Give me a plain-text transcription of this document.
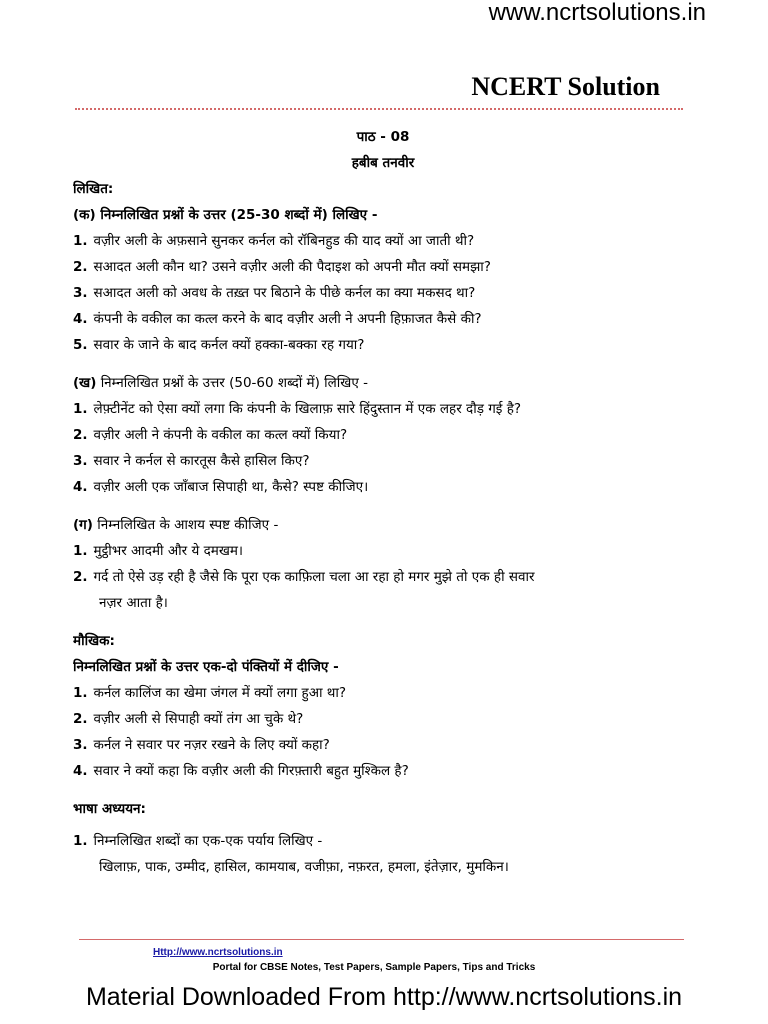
www.ncrtsolutions.in
NCERT Solution
पाठ - 08
हबीब तनवीर
लिखित:
(क) निम्नलिखित प्रश्नों के उत्तर (25-30 शब्दों में) लिखिए -
1. वज़ीर अली के अफ़साने सुनकर कर्नल को रॉबिनहुड की याद क्यों आ जाती थी?
2. सआदत अली कौन था? उसने वज़ीर अली की पैदाइश को अपनी मौत क्यों समझा?
3. सआदत अली को अवध के तख़्त पर बिठाने के पीछे कर्नल का क्या मकसद था?
4. कंपनी के वकील का कत्ल करने के बाद वज़ीर अली ने अपनी हिफ़ाजत कैसे की?
5. सवार के जाने के बाद कर्नल क्यों हक्का-बक्का रह गया?
(ख) निम्नलिखित प्रश्नों के उत्तर (50-60 शब्दों में) लिखिए -
1. लेफ़्टीनेंट को ऐसा क्यों लगा कि कंपनी के खिलाफ़ सारे हिंदुस्तान में एक लहर दौड़ गई है?
2. वज़ीर अली ने कंपनी के वकील का कत्ल क्यों किया?
3. सवार ने कर्नल से कारतूस कैसे हासिल किए?
4. वज़ीर अली एक जाँबाज सिपाही था, कैसे? स्पष्ट कीजिए।
(ग) निम्नलिखित के आशय स्पष्ट कीजिए -
1. मुट्ठीभर आदमी और ये दमखम।
2. गर्द तो ऐसे उड़ रही है जैसे कि पूरा एक काफ़िला चला आ रहा हो मगर मुझे तो एक ही सवार
नज़र आता है।
मौखिक:
निम्नलिखित प्रश्नों के उत्तर एक-दो पंक्तियों में दीजिए -
1. कर्नल कालिंज का खेमा जंगल में क्यों लगा हुआ था?
2. वज़ीर अली से सिपाही क्यों तंग आ चुके थे?
3. कर्नल ने सवार पर नज़र रखने के लिए क्यों कहा?
4. सवार ने क्यों कहा कि वज़ीर अली की गिरफ़्तारी बहुत मुश्किल है?
भाषा अध्ययन:
1. निम्नलिखित शब्दों का एक-एक पर्याय लिखिए -
खिलाफ़, पाक, उम्मीद, हासिल, कामयाब, वजीफ़ा, नफ़रत, हमला, इंतेज़ार, मुमकिन।
Http://www.ncrtsolutions.in
Portal for CBSE Notes, Test Papers, Sample Papers, Tips and Tricks
Material Downloaded From http://www.ncrtsolutions.in
